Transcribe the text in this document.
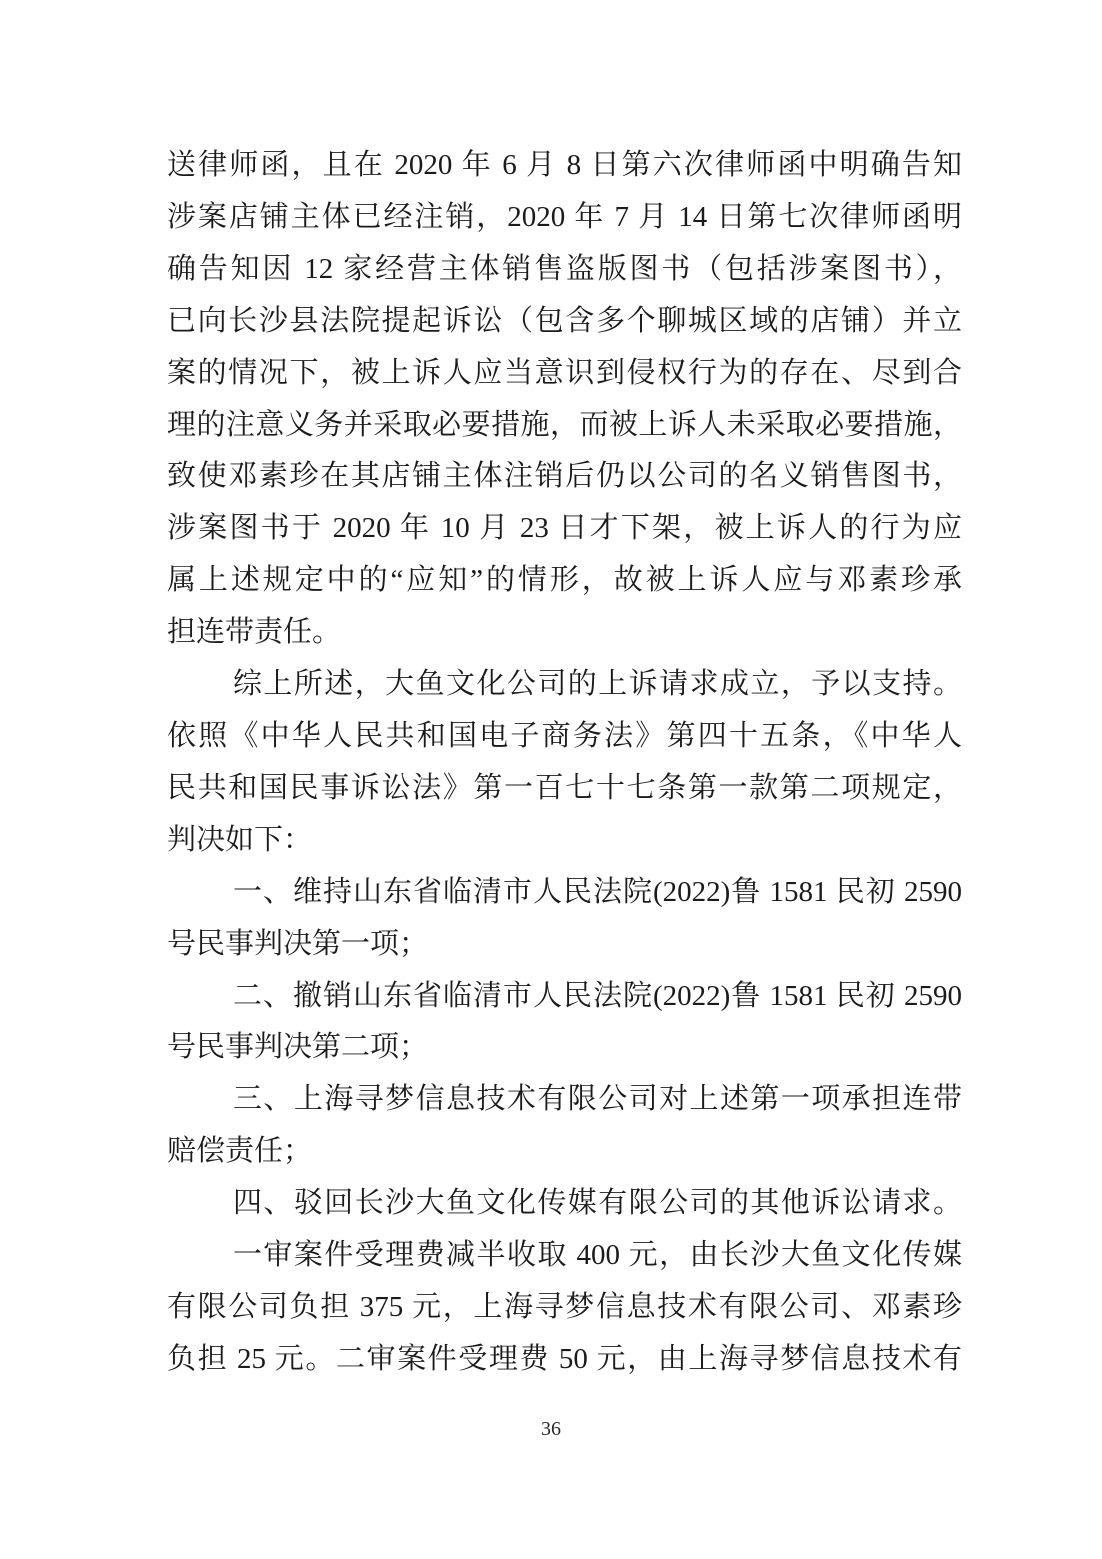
送律师函，且在 2020 年 6 月 8 日第六次律师函中明确告知
涉案店铺主体已经注销，2020 年 7 月 14 日第七次律师函明
确告知因 12 家经营主体销售盗版图书（包括涉案图书），
已向长沙县法院提起诉讼（包含多个聊城区域的店铺）并立
案的情况下，被上诉人应当意识到侵权行为的存在、尽到合
理的注意义务并采取必要措施，而被上诉人未采取必要措施，
致使邓素珍在其店铺主体注销后仍以公司的名义销售图书，
涉案图书于 2020 年 10 月 23 日才下架，被上诉人的行为应
属上述规定中的“应知”的情形，故被上诉人应与邓素珍承
担连带责任。
综上所述，大鱼文化公司的上诉请求成立，予以支持。
依照《中华人民共和国电子商务法》第四十五条，《中华人
民共和国民事诉讼法》第一百七十七条第一款第二项规定，
判决如下：
一、维持山东省临清市人民法院(2022)鲁 1581 民初 2590
号民事判决第一项；
二、撤销山东省临清市人民法院(2022)鲁 1581 民初 2590
号民事判决第二项；
三、上海寻梦信息技术有限公司对上述第一项承担连带
赔偿责任；
四、驳回长沙大鱼文化传媒有限公司的其他诉讼请求。
一审案件受理费减半收取 400 元，由长沙大鱼文化传媒
有限公司负担 375 元，上海寻梦信息技术有限公司、邓素珍
负担 25 元。二审案件受理费 50 元，由上海寻梦信息技术有
36
